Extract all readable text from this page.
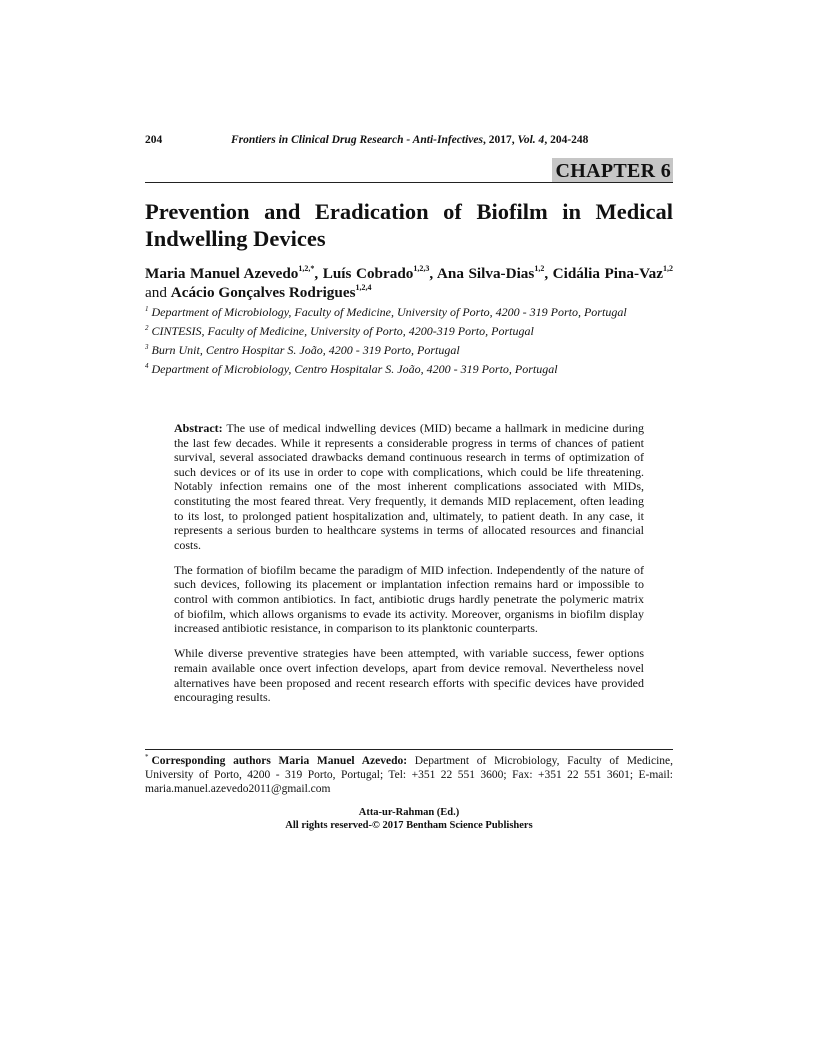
204	Frontiers in Clinical Drug Research - Anti-Infectives, 2017, Vol. 4, 204-248
CHAPTER 6
Prevention and Eradication of Biofilm in Medical Indwelling Devices

Maria Manuel Azevedo$^{1,2,*}$, Luís Cobrado$^{1,2,3}$, Ana Silva-Dias$^{1,2}$, Cidália Pina-Vaz$^{1,2}$ and Acácio Gonçalves Rodrigues$^{1,2,4}$

$^1$ Department of Microbiology, Faculty of Medicine, University of Porto, 4200 - 319 Porto, Portugal

$^2$ CINTESIS, Faculty of Medicine, University of Porto, 4200-319 Porto, Portugal

$^3$ Burn Unit, Centro Hospitar S. João, 4200 - 319 Porto, Portugal

$^4$ Department of Microbiology, Centro Hospitalar S. João, 4200 - 319 Porto, Portugal

Abstract: The use of medical indwelling devices (MID) became a hallmark in medicine during the last few decades. While it represents a considerable progress in terms of chances of patient survival, several associated drawbacks demand continuous research in terms of optimization of such devices or of its use in order to cope with complications, which could be life threatening. Notably infection remains one of the most inherent complications associated with MIDs, constituting the most feared threat. Very frequently, it demands MID replacement, often leading to its lost, to prolonged patient hospitalization and, ultimately, to patient death. In any case, it represents a serious burden to healthcare systems in terms of allocated resources and financial costs.

The formation of biofilm became the paradigm of MID infection. Independently of the nature of such devices, following its placement or implantation infection remains hard or impossible to control with common antibiotics. In fact, antibiotic drugs hardly penetrate the polymeric matrix of biofilm, which allows organisms to evade its activity. Moreover, organisms in biofilm display increased antibiotic resistance, in comparison to its planktonic counterparts.

While diverse preventive strategies have been attempted, with variable success, fewer options remain available once overt infection develops, apart from device removal. Nevertheless novel alternatives have been proposed and recent research efforts with specific devices have provided encouraging results.

* Corresponding authors Maria Manuel Azevedo: Department of Microbiology, Faculty of Medicine, University of Porto, 4200 - 319 Porto, Portugal; Tel: +351 22 551 3600; Fax: +351 22 551 3601; E-mail: maria.manuel.azevedo2011@gmail.com

Atta-ur-Rahman (Ed.)
All rights reserved-© 2017 Bentham Science Publishers
